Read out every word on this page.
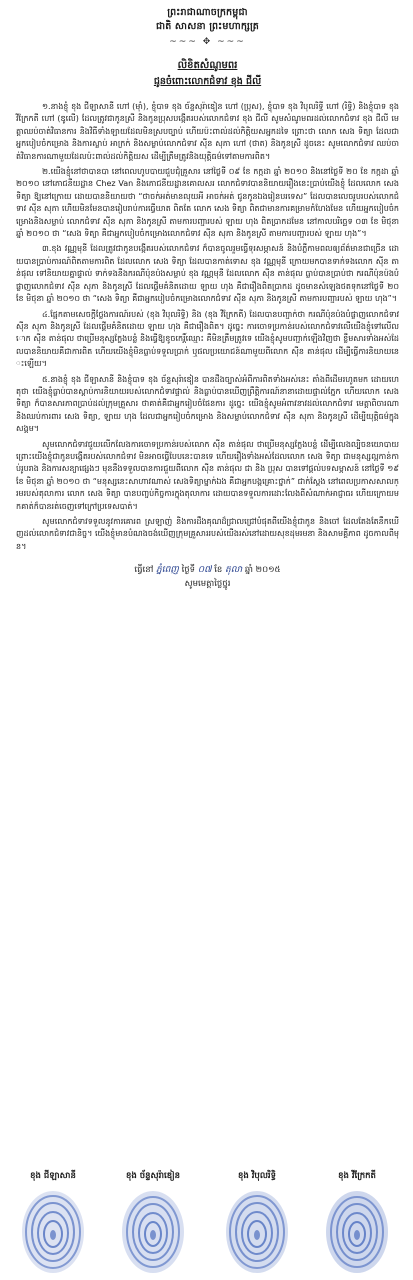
ព្រះរាជាណាចក្រកម្ពុជា
ជាតិ សាសនា ព្រះមហាក្សត្រ
~~~ ✥ ~~~
លិខិតសំណូមពរ
ជូនចំពោះលោកជំទាវ ខុង ជីលី

១.នាងខ្ញុំ ខុង ជីឡាសានី ហៅ (ម៉ាំ), ខ្ញុំបាទ ខុង ច័ន្ទសុរ៉ាឌៀន ហៅ (ប្រុស), ខ្ញុំបាទ ខុង វិបុលរិទ្ធី ហៅ (រិទ្ធិ) និងខ្ញុំបាទ ខុង វីក្រែកតី ហៅ (ឌូលើ) ដែលត្រូវជាកូនស្រី និងកូនប្រុសបង្កើតរបស់លោកជំទាវ ខុង ជីលី សូមសំណូមពរដល់លោកជំទាវ ខុង ជីលី មេត្តាឈប់ចាត់វិធានការ និងវិធីទាំងឡាយដែលមិនស្របច្បាប់ ហើយប៉ះពាល់ដល់កិត្តិយសអ្នកដទៃ ព្រោះថា លោក សេង ទិត្យា ដែលជាអ្នកបៀបចំកម្រោង និងការស្លាប់ អាក្រក់ និងសម្លាប់លោកជំទាវ សុីន សុភា ហៅ (ថាត) និងកូនស្រី ដូចនេះ សូមលោកជំទាវ ឈប់ចាត់វិធានការណាមួយដែលប៉ះពាល់ដល់កិត្តិយស ដើម្បីត្រឹមត្រូវនិងយុត្តិធម៌ទៅតាមការពិត។

២.យើងខ្ញុំនៅថាបានបា នៅពេលហូបបាយជួបជុំគ្រួសារ នៅថ្ងៃទី ០៩ ខែ កក្កដា ឆ្នាំ ២០១០ និងនៅថ្ងៃទី ២០ ខែ កក្កដា ឆ្នាំ ២០១០ នៅភោជនីយដ្ឋាន Chez Van និងភោជនីយដ្ឋានគោលសរ លោកជំទាវបាននិយាយរឿងនេះប្រាប់យើងខ្ញុំ ដែលលោក សេង ទិត្យា ឱ្យនៅក្រោយ ដោយបាននិយាយថា “ថាចក់អត់មានលុយអី អាចក់អត់ ជូនកូនឯងរៀនបរទេស” ដែលបានលេចរូបរបស់លោកជំទាវ សុីន សុភា ហើយមិនមែនបានរៀបរាប់ការធ្វើឃាត ពិតតែ លោក សេង ទិត្យា ពិតជាមានការគម្រាមកំហែងមែន ហើយអ្នកបៀបចំកម្រោងនិងសម្លាប់ លោកជំទាវ សុីន សុភា និងកូនស្រី តាមការបញ្ជារបស់ ឡាយ ហុង ពិតប្រាកដមែន នៅកាលបរិច្ឆេទ ០៣ ខែ មិថុនា ឆ្នាំ ២០១០ ថា “សេង ទិត្យា គឺជាអ្នកបៀបចំកម្រោងលោកជំទាវ សុីន សុភា និងកូនស្រី តាមការបញ្ជារបស់ ឡាយ ហុង”។

៣.ខុង វណ្ណមុនី ដែលត្រូវជាកូនបង្កើតរបស់លោកជំទាវ ក៏បានចូលរួមធ្វើទុរសម្ភាសន៍ និងបំភ្លឺកាមពលឲ្យព័ត៌មានជាច្រើន ដោយបានប្រាប់ការណ៍ពិតតាមការពិត ដែលលោក សេង ទិត្យា ដែលបានកាត់ទោស ខុង វណ្ណមុនី ក្រោយមកបានទាក់ទងលោក សុីន តាន់ផុល ទៅនិយាយគ្នាផ្ទាល់ ទាក់ទងនឹងករណីប៉ុនប៉ងសម្លាប់ ខុង វណ្ណមុនី ដែលលោក សុីន តាន់ផុល ធ្លាប់បានប្រាប់ថា ករណីប៉ុនប៉ងបំផ្លាញលោកជំទាវ សុីន សុភា និងកូនស្រី ដែលផ្តើមគំនិតដោយ ឡាយ ហុង គឺជារឿងពិតប្រាកដ ដូចមានសំឡេងថតទុកនៅថ្ងៃទី ២០ ខែ មិថុនា ឆ្នាំ ២០១០ ថា “សេង ទិត្យា គឺជាអ្នកបៀបចំកម្រោងលោកជំទាវ សុីន សុភា និងកូនស្រី តាមការបញ្ជារបស់ ឡាយ ហុង”។

៤.ផ្អែកតាមសេចក្តីថ្លែងការណ៍របស់ (ខុង វិបុលរិទ្ធិ) និង (ខុង វីក្រែកតី) ដែលបានបញ្ជាក់ថា ករណីប៉ុនប៉ងបំផ្លាញលោកជំទាវ សុីន សុភា និងកូនស្រី ដែលផ្តើមគំនិតដោយ ឡាយ ហុង គឺជារឿងពិត។ ដូច្នេះ ការចោទប្រកាន់របស់លោកជំទាវលើយើងខ្ញុំទៅលើលោក សុីន តាន់ផុល ថាប្រើមនុស្សក្លែងបន្លំ និងធ្វើឱ្យខូចកេរ្តិ៍ឈ្មោះ គឺមិនត្រឹមត្រូវទេ យើងខ្ញុំសូមបញ្ជាក់ឡើងវិញថា ខ្លឹមសារទាំងអស់ដែលបាននិយាយគឺជាការពិត ហើយយើងខ្ញុំមិនធ្លាប់ទទួលប្រាក់ ឬផលប្រយោជន៍ណាមួយពីលោក សុីន តាន់ផុល ដើម្បីធ្វើការនិយាយនេះឡើយ។

៥.នាងខ្ញុំ ខុង ជីឡាសានី និងខ្ញុំបាទ ខុង ច័ន្ទសុរ៉ាឌៀន បានដឹងច្បាស់អំពីការពិតទាំងអស់នេះ តាំងពីដើមរហូតមក ដោយហេតុថា យើងខ្ញុំធ្លាប់បានស្តាប់ការនិយាយរបស់លោកជំទាវផ្ទាល់ និងធ្លាប់បានឃើញព្រឹត្តិការណ៍នានាដោយផ្ទាល់ភ្នែក ហើយលោក សេង ទិត្យា ក៏បានសារភាពប្រាប់ដល់ក្រុមគ្រួសារ ថាគាត់គឺជាអ្នករៀបចំផែនការ ដូច្នេះ យើងខ្ញុំសូមអំពាវនាវដល់លោកជំទាវ មេត្តាពិចារណា និងឈប់ការពារ សេង ទិត្យា, ឡាយ ហុង ដែលជាអ្នករៀបចំកម្រោង និងសម្លាប់លោកជំទាវ សុីន សុភា និងកូនស្រី ដើម្បីយុត្តិធម៌ក្នុងសង្គម។

សូមលោកជំទាវជួយលើកលែងការចោទប្រកាន់របស់លោក សុីន តាន់ផុល ថាប្រើមនុស្សក្លែងបន្លំ ដើម្បីលេងល្បិចនយោបាយ ព្រោះយើងខ្ញុំជាកូនបង្កើតរបស់លោកជំទាវ មិនអាចធ្វើបែបនេះបានទេ ហើយរឿងទាំងអស់ដែលលោក សេង ទិត្យា ជាមនុស្សល្អកាន់កាប់រូបរាង និងការសន្យាផ្សេងៗ មុននឹងទទួលបានការជួយពីលោក សុីន តាន់ផុល ជា និង ប្រុស បានទៅផ្តល់បទសម្ភាសន៍ នៅថ្ងៃទី ១៩ ខែ មិថុនា ឆ្នាំ ២០១០ ថា “មនុស្សនេះសាហាវណាស់ សេងទិត្យាម្នាក់ឯង គឺជាអ្នកបង្កគ្រោះថ្នាក់” ជាក់ស្តែង នៅពេលប្រកាសសាលក្រមរបស់តុលាការ លោក សេង ទិត្យា បានបញ្ចប់កិច្ចការក្នុងតុលាការ ដោយបានទទួលការដោះលែងពីសំណាក់អាជ្ញាធរ ហើយក្រោយមកគាត់ក៏បានរត់ចេញទៅក្រៅប្រទេសបាត់។

សូមលោកជំទាវទទួលនូវការគោរព ស្រឡាញ់ និងការដឹងគុណដ៏ជ្រាលជ្រៅបំផុតពីយើងខ្ញុំជាកូន និងចៅ ដែលតែងតែនឹកឃើញដល់លោកជំទាវជានិច្ច។ យើងខ្ញុំមានបំណងចង់ឃើញក្រុមគ្រួសាររបស់យើងរស់នៅដោយសុខដុមរមនា និងសាមគ្គីភាព ដូចកាលពីមុន។

ធ្វើនៅ ភ្នំពេញ ថ្ងៃទី ០៧ ខែ តុលា ឆ្នាំ ២០១៥
សូមមេត្តាថ្លៃថ្នូរ
ខុង ជីឡាសានី	ខុង ច័ន្ទសុរ៉ាឌៀន	ខុង វិបុលរិទ្ធិ	ខុង វីក្រែកតី
